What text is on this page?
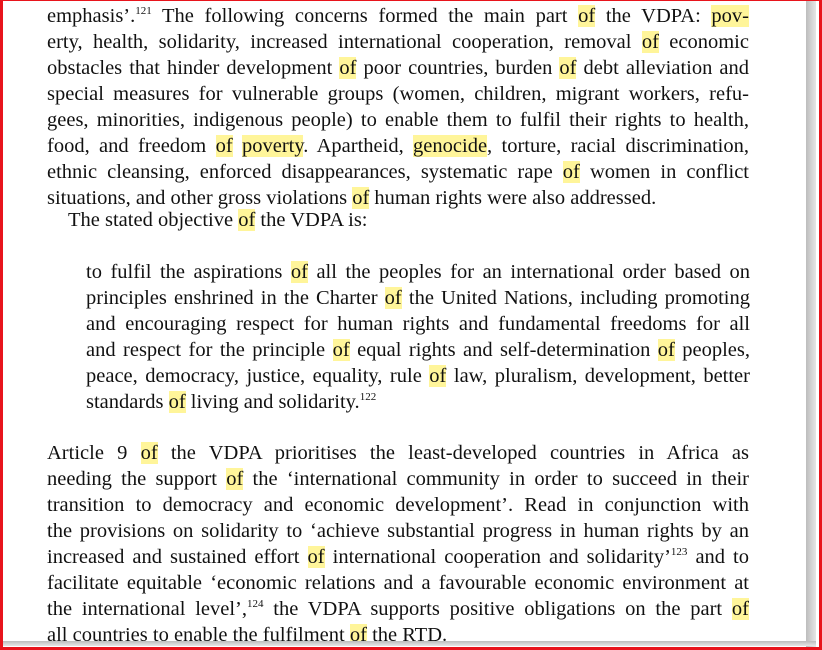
emphasis’.$^{121}$ The following concerns formed the main part of the VDPA: pov-
erty, health, solidarity, increased international cooperation, removal of economic
obstacles that hinder development of poor countries, burden of debt alleviation and
special measures for vulnerable groups (women, children, migrant workers, refu-
gees, minorities, indigenous people) to enable them to fulfil their rights to health,
food, and freedom of poverty. Apartheid, genocide, torture, racial discrimination,
ethnic cleansing, enforced disappearances, systematic rape of women in conflict
situations, and other gross violations of human rights were also addressed.
The stated objective of the VDPA is:
to fulfil the aspirations of all the peoples for an international order based on
principles enshrined in the Charter of the United Nations, including promoting
and encouraging respect for human rights and fundamental freedoms for all
and respect for the principle of equal rights and self-determination of peoples,
peace, democracy, justice, equality, rule of law, pluralism, development, better
standards of living and solidarity.$^{122}$
Article 9 of the VDPA prioritises the least-developed countries in Africa as
needing the support of the ‘international community in order to succeed in their
transition to democracy and economic development’. Read in conjunction with
the provisions on solidarity to ‘achieve substantial progress in human rights by an
increased and sustained effort of international cooperation and solidarity’$^{123}$ and to
facilitate equitable ‘economic relations and a favourable economic environment at
the international level’,$^{124}$ the VDPA supports positive obligations on the part of
all countries to enable the fulfilment of the RTD.
